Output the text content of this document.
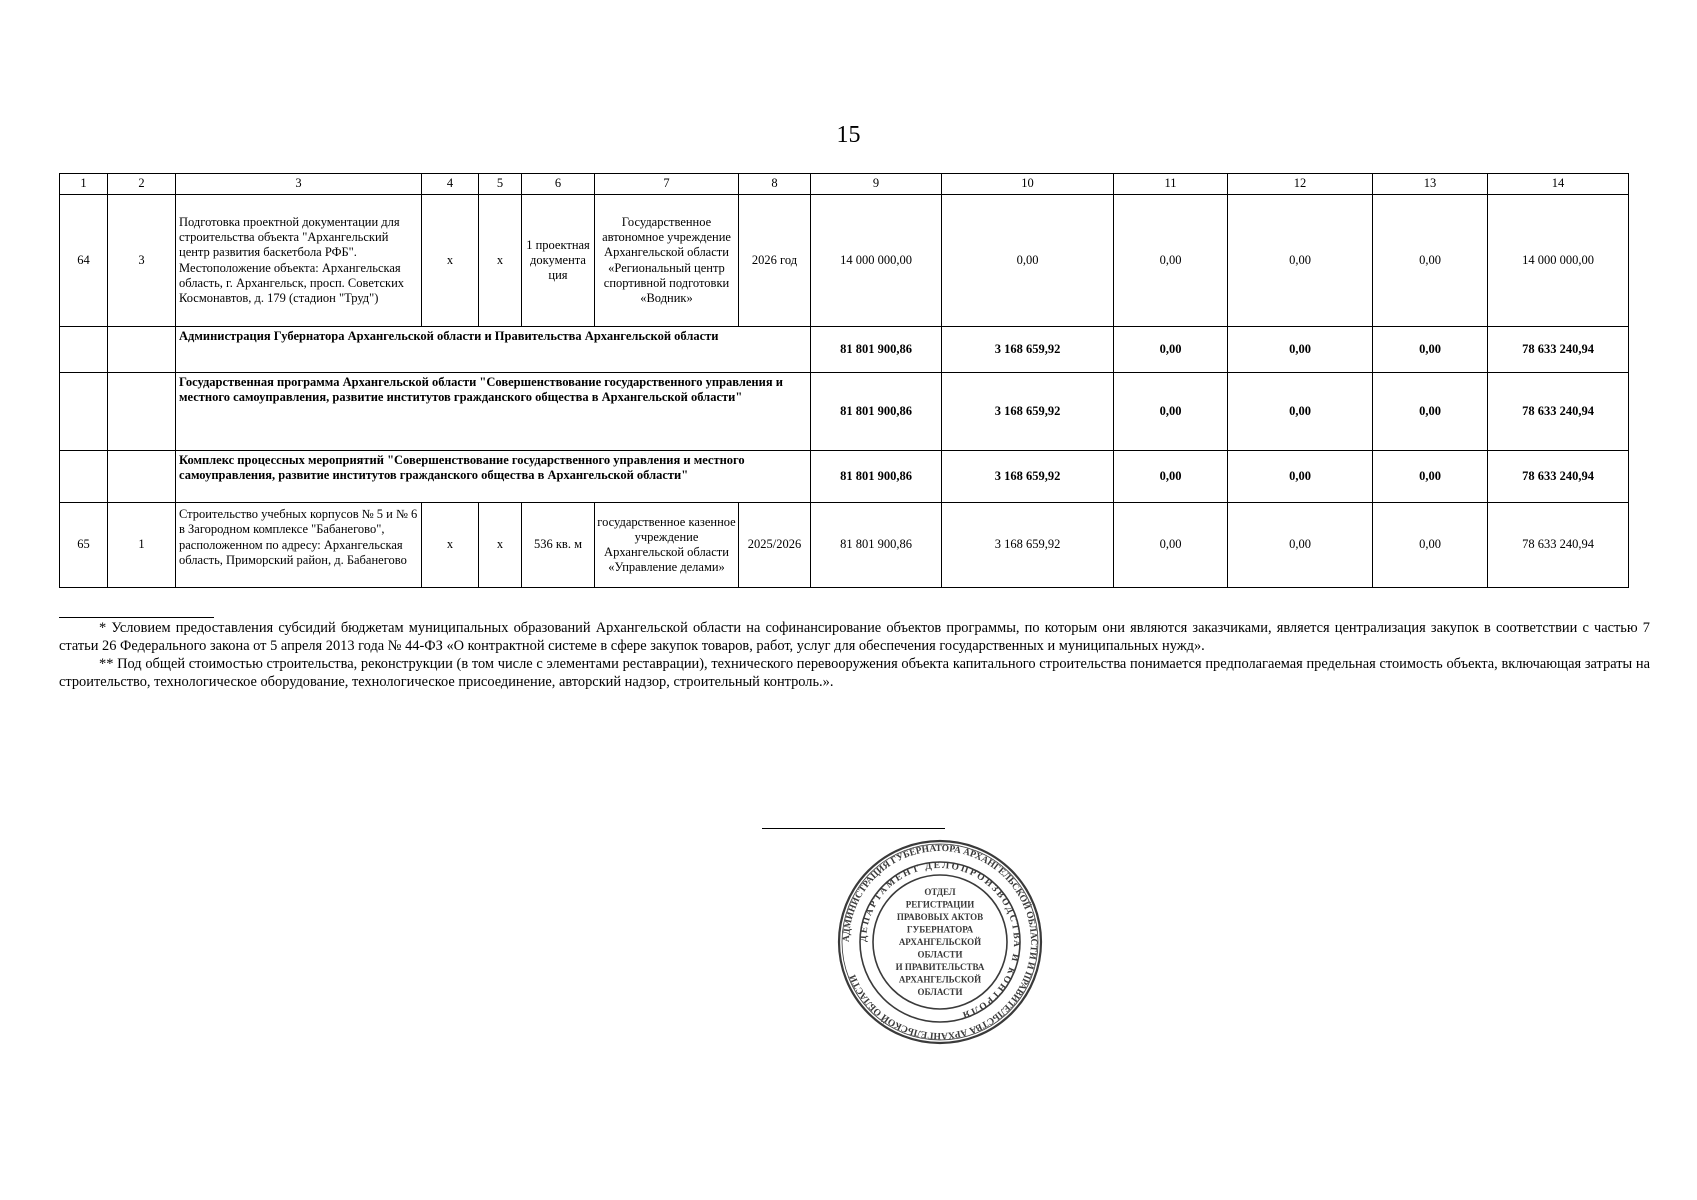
15
1	2	3	4	5	6	7	8	9	10	11	12	13	14
64	3	Подготовка проектной документации для строительства объекта "Архангельский центр развития баскетбола РФБ". Местоположение объекта: Архангельская область, г. Архангельск, просп. Советских Космонавтов, д. 179 (стадион "Труд")	х	х	1 проектная документа ция	Государственное автономное учреждение Архангельской области «Региональный центр спортивной подготовки «Водник»	2026 год	14 000 000,00	0,00	0,00	0,00	0,00	14 000 000,00
		Администрация Губернатора Архангельской области и Правительства Архангельской области						81 801 900,86	3 168 659,92	0,00	0,00	0,00	78 633 240,94
		Государственная программа Архангельской области "Совершенствование государственного управления и местного самоуправления, развитие институтов гражданского общества в Архангельской области"						81 801 900,86	3 168 659,92	0,00	0,00	0,00	78 633 240,94
		Комплекс процессных мероприятий "Совершенствование государственного управления и местного самоуправления, развитие институтов гражданского общества в Архангельской области"						81 801 900,86	3 168 659,92	0,00	0,00	0,00	78 633 240,94
65	1	Строительство учебных корпусов № 5 и № 6 в Загородном комплексе "Бабанегово", расположенном по адресу: Архангельская область, Приморский район, д. Бабанегово	х	х	536 кв. м	государственное казенное учреждение Архангельской области «Управление делами»	2025/2026	81 801 900,86	3 168 659,92	0,00	0,00	0,00	78 633 240,94

* Условием предоставления субсидий бюджетам муниципальных образований Архангельской области на софинансирование объектов программы, по которым они являются заказчиками, является централизация закупок в соответствии с частью 7 статьи 26 Федерального закона от 5 апреля 2013 года № 44-ФЗ «О контрактной системе в сфере закупок товаров, работ, услуг для обеспечения государственных и муниципальных нужд».

** Под общей стоимостью строительства, реконструкции (в том числе с элементами реставрации), технического перевооружения объекта капитального строительства понимается предполагаемая предельная стоимость объекта, включающая затраты на строительство, технологическое оборудование, технологическое присоединение, авторский надзор, строительный контроль.».

АДМИНИСТРАЦИЯ ГУБЕРНАТОРА АРХАНГЕЛЬСКОЙ ОБЛАСТИ И ПРАВИТЕЛЬСТВА АРХАНГЕЛЬСКОЙ ОБЛАСТИ
ДЕПАРТАМЕНТ ДЕЛОПРОИЗВОДСТВА И КОНТРОЛЯ
ОТДЕЛ
РЕГИСТРАЦИИ
ПРАВОВЫХ АКТОВ
ГУБЕРНАТОРА
АРХАНГЕЛЬСКОЙ
ОБЛАСТИ
И ПРАВИТЕЛЬСТВА
АРХАНГЕЛЬСКОЙ
ОБЛАСТИ
